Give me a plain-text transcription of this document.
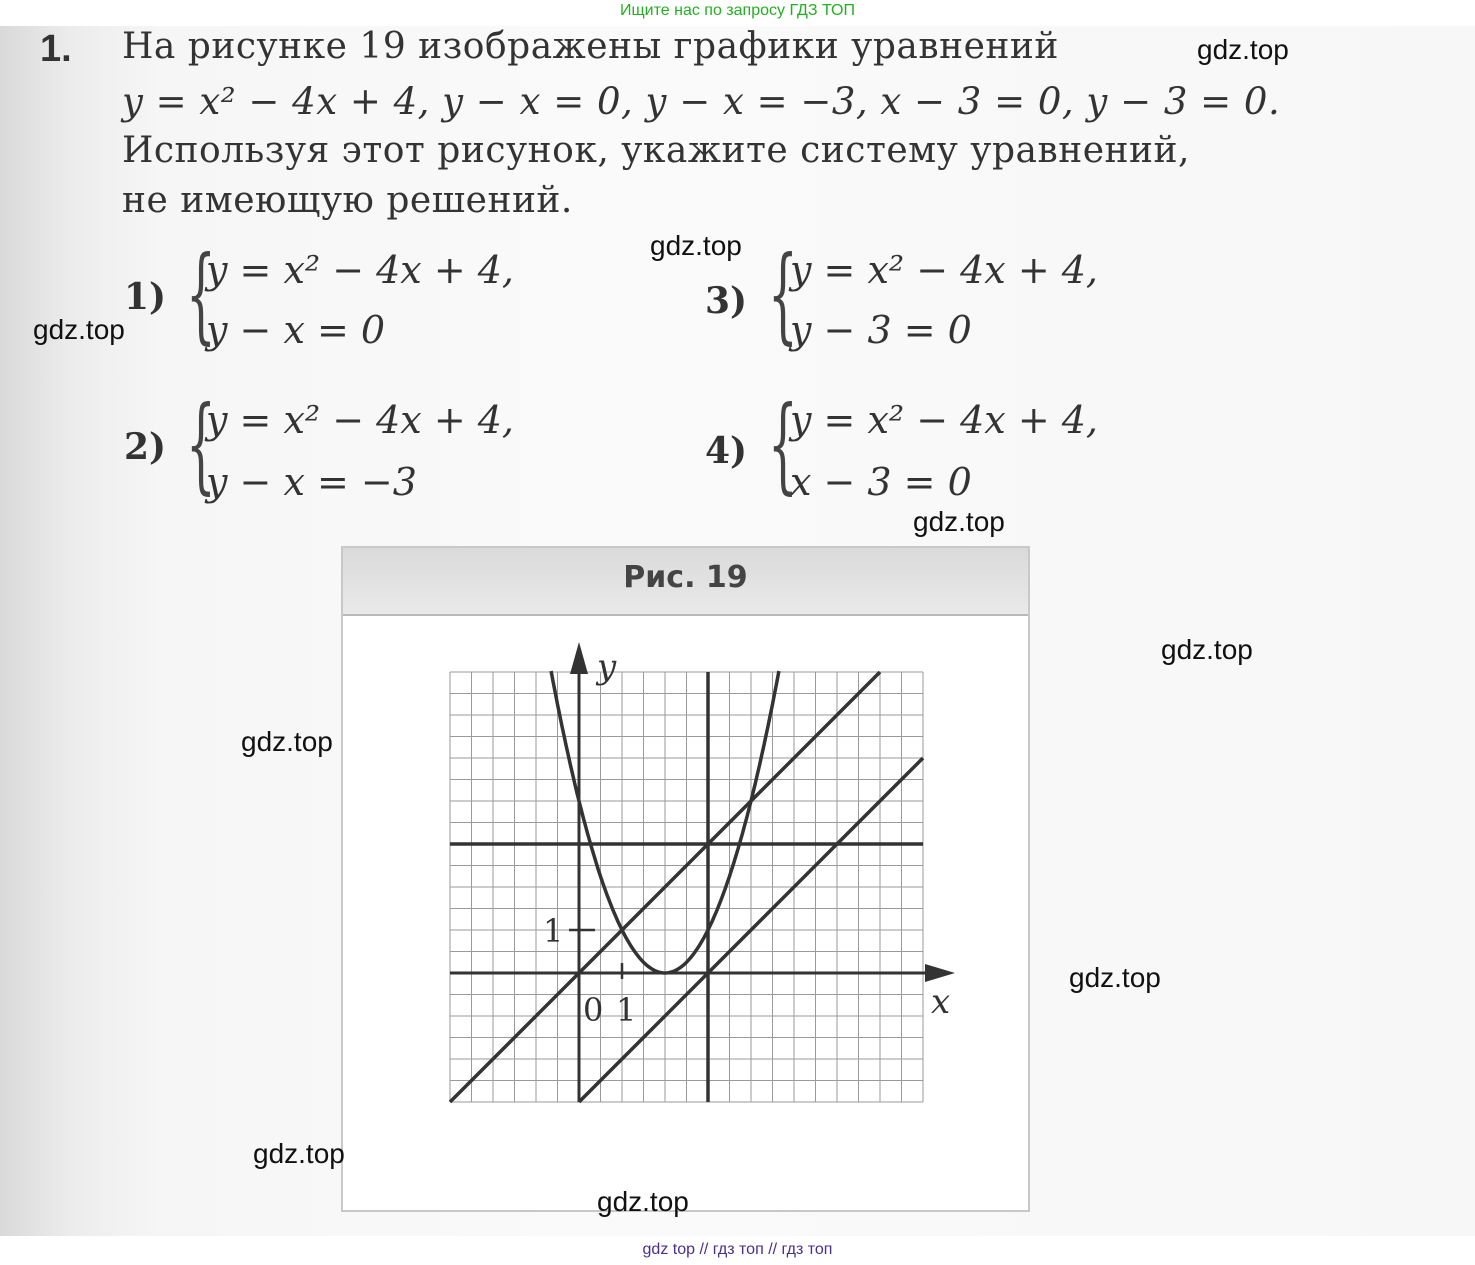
Ищите нас по запросу ГДЗ ТОП
1. На рисунке 19 изображены графики уравнений
y = x² − 4x + 4, y − x = 0, y − x = −3, x − 3 = 0, y − 3 = 0.
Используя этот рисунок, укажите систему уравнений,
не имеющую решений.
1) {
y = x² − 4x + 4,
y − x = 0
2) {
y = x² − 4x + 4,
y − x = −3
3) {
y = x² − 4x + 4,
y − 3 = 0
4) {
y = x² − 4x + 4,
x − 3 = 0
Рис. 19
x
y
0 1
1
gdz.top
gdz.top
gdz.top
gdz.top
gdz.top
gdz.top
gdz.top
gdz.top
gdz.top
gdz top // гдз топ // гдз топ
